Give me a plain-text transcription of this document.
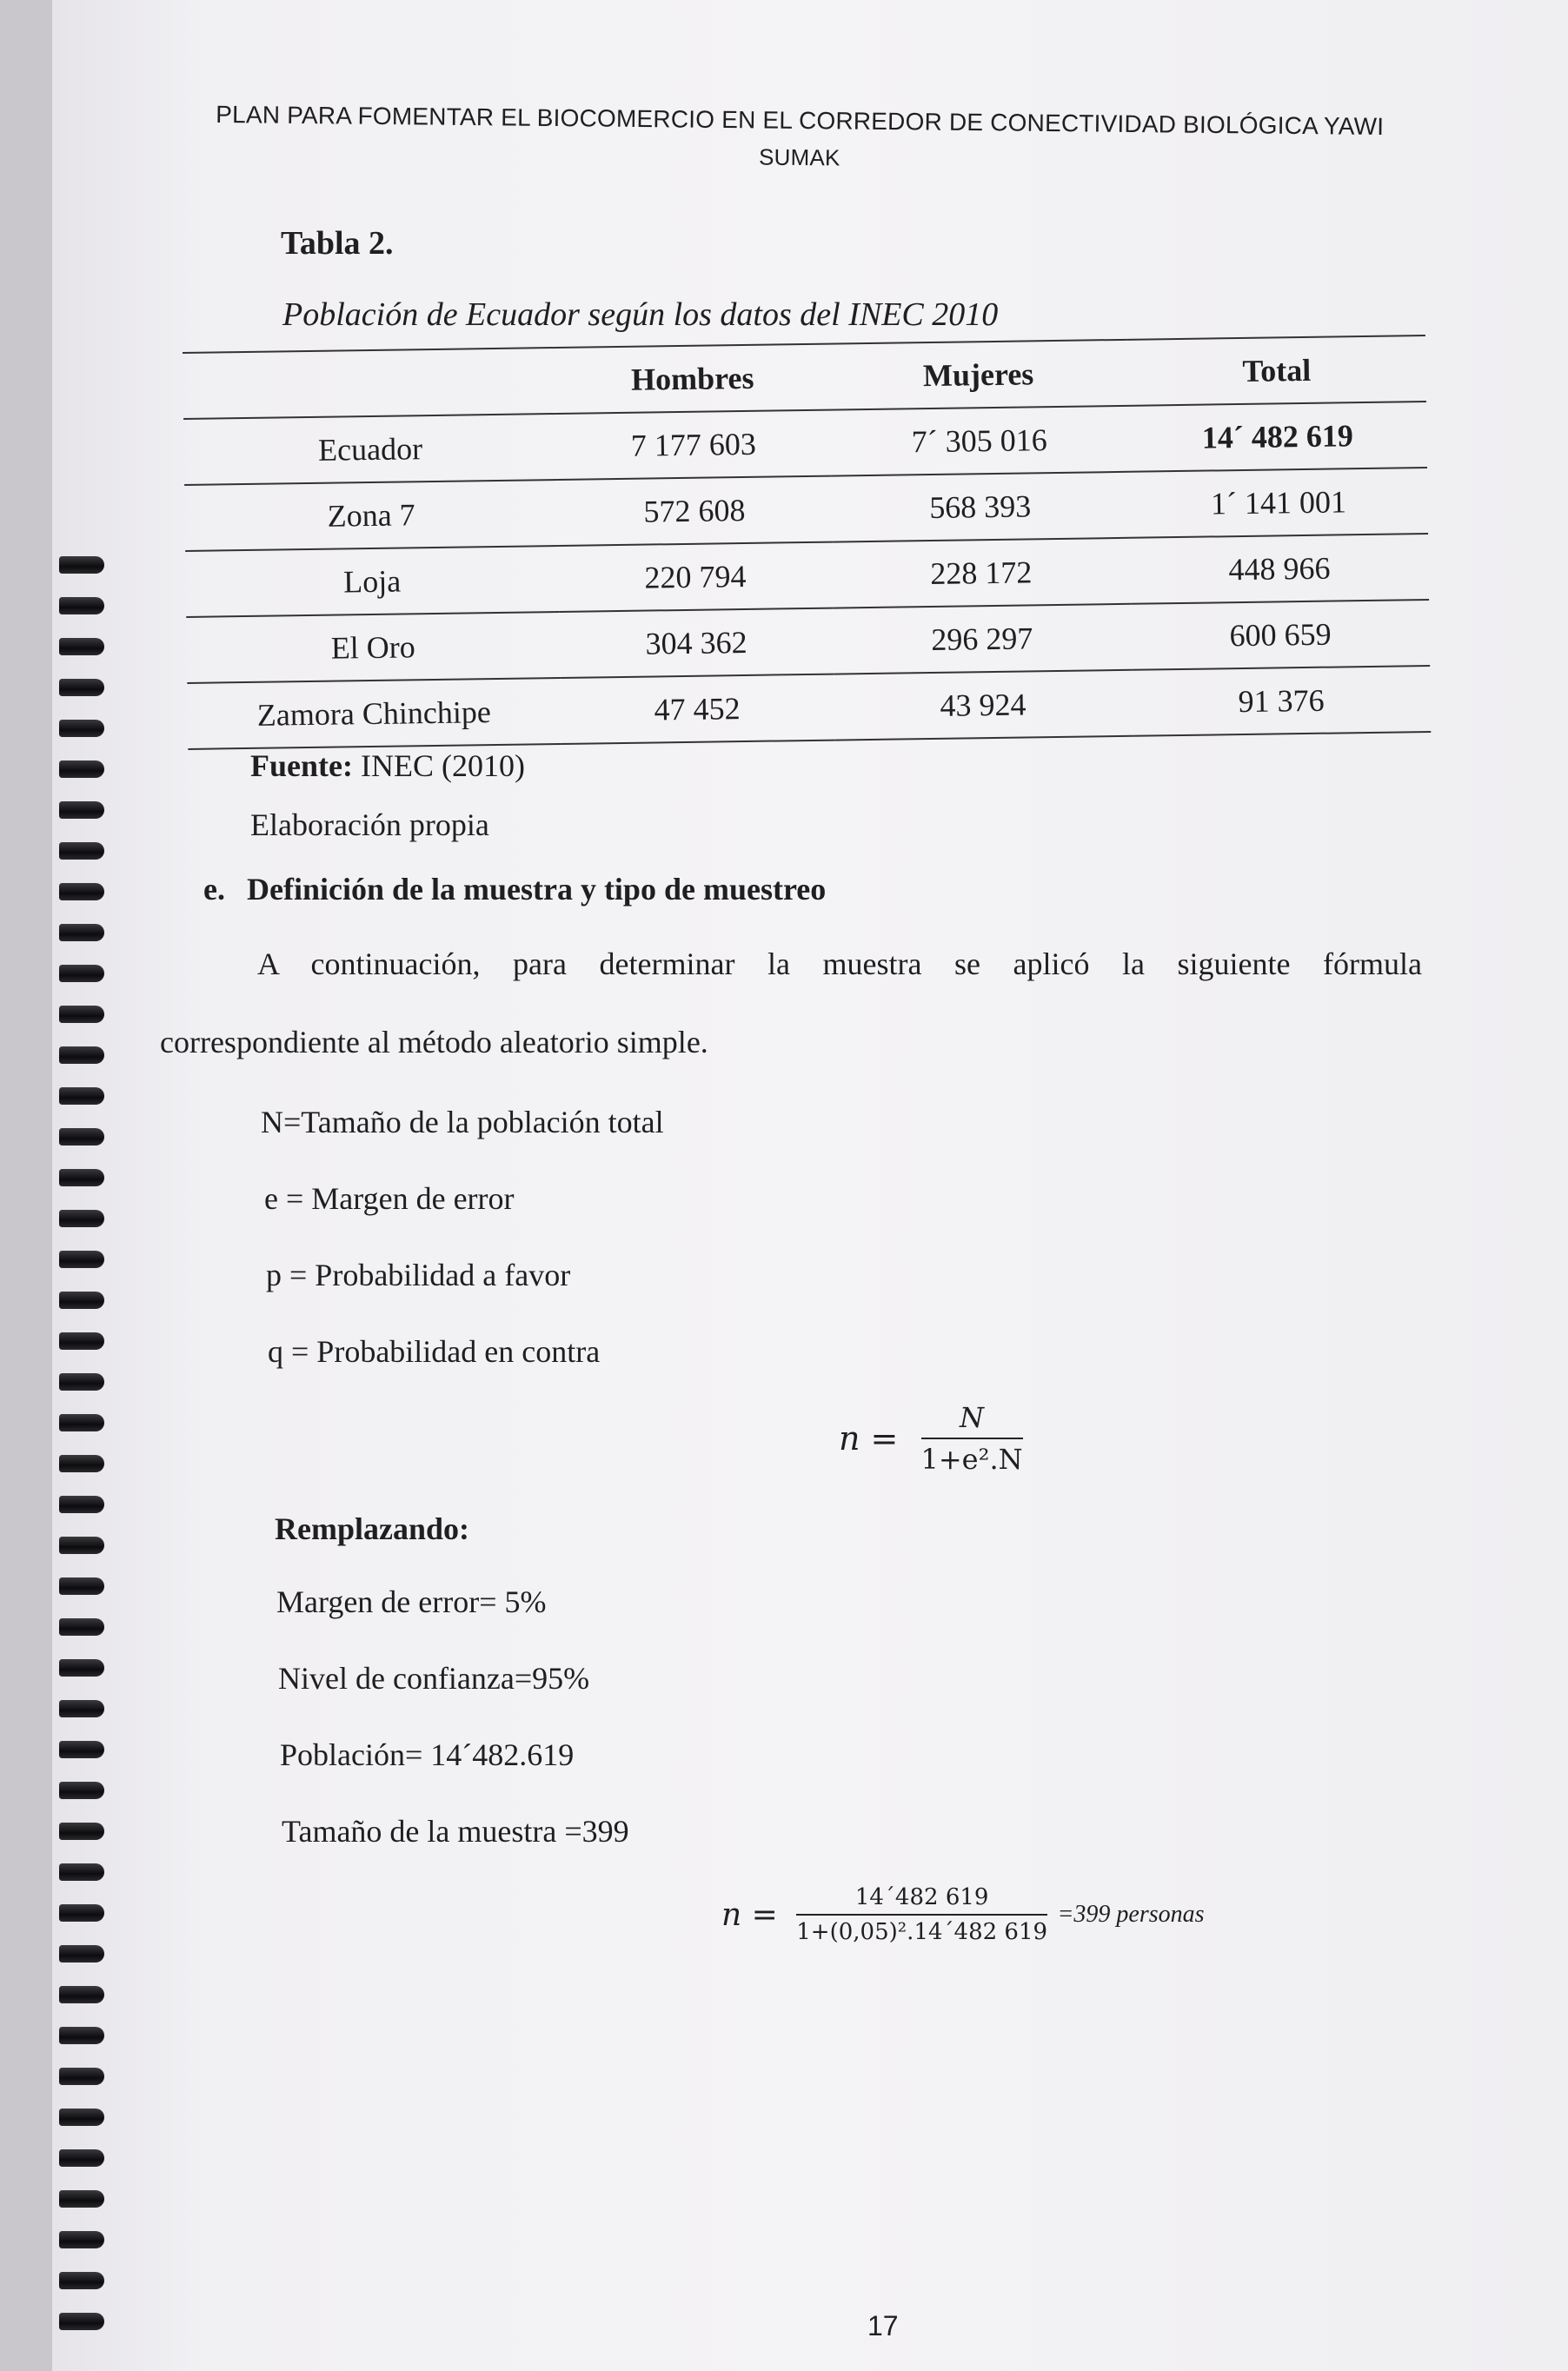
PLAN PARA FOMENTAR EL BIOCOMERCIO EN EL CORREDOR DE CONECTIVIDAD BIOLÓGICA YAWI
SUMAK
Tabla 2.
Población de Ecuador según los datos del INEC 2010
	Hombres	Mujeres	Total
Ecuador	7 177 603	7´ 305 016	14´ 482 619
Zona 7	572 608	568 393	1´ 141 001
Loja	220 794	228 172	448 966
El Oro	304 362	296 297	600 659
Zamora Chinchipe	47 452	43 924	91 376
Fuente: INEC (2010)
Elaboración propia
e. Definición de la muestra y tipo de muestreo
A continuación, para determinar la muestra se aplicó la siguiente fórmula
correspondiente al método aleatorio simple.
N=Tamaño de la población total
e = Margen de error
p = Probabilidad a favor
q = Probabilidad en contra
$n = \frac{N}{\text{1+e².N}}$
Remplazando:
Margen de error= 5%
Nivel de confianza=95%
Población= 14´482.619
Tamaño de la muestra =399
$n = \frac{14´482 619}{\text{1+(0,05)².14´482 619}} =399$ personas
17
